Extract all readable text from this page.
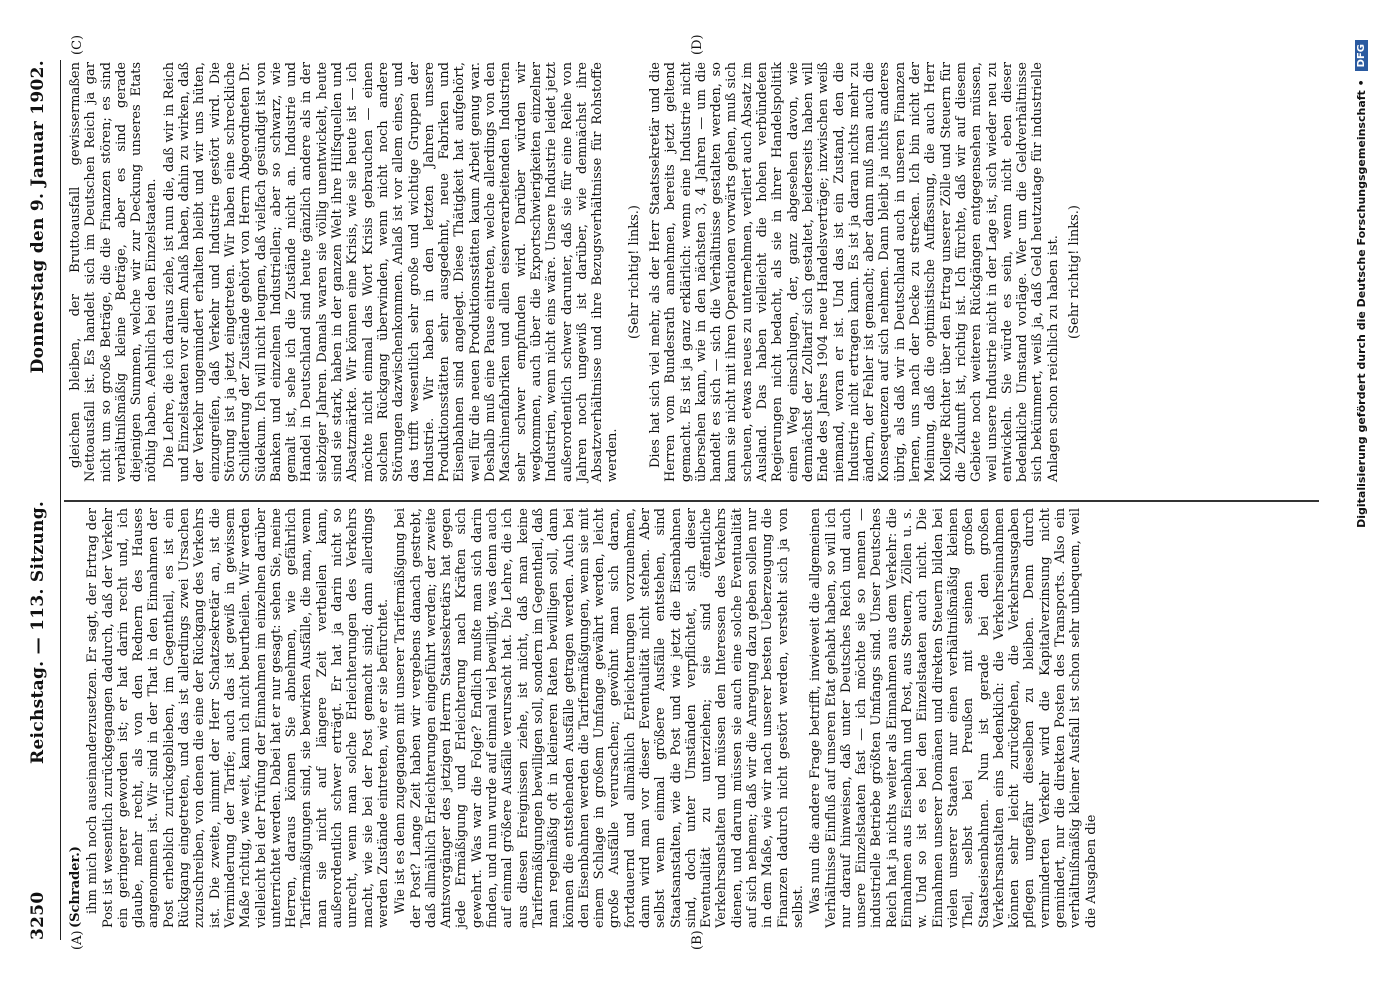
3250
Reichstag. — 113. Sitzung.
Donnerstag den 9. Januar 1902.
(A)	(B)
(C)	(D)

(Schrader.) ihm mich noch auseinanderzusetzen. Er sagt, der Ertrag der Post ist wesentlich zurückgegangen dadurch, daß der Verkehr ein geringerer geworden ist; er hat darin recht und, ich glaube, mehr recht, als von den Rednern des Hauses angenommen ist. Wir sind in der That in den Einnahmen der Post erheblich zurückgeblieben, im Gegentheil, es ist ein Rückgang eingetreten, und das ist allerdings zwei Ursachen zuzuschreiben, von denen die eine der Rückgang des Verkehrs ist. Die zweite, nimmt der Herr Schatzsekretär an, ist die Verminderung der Tarife; auch das ist gewiß in gewissem Maße richtig, wie weit, kann ich nicht beurtheilen. Wir werden vielleicht bei der Prüfung der Einnahmen im einzelnen darüber unterrichtet werden. Dabei hat er nur gesagt: sehen Sie, meine Herren, daraus können Sie abnehmen, wie gefährlich Tarifermäßigungen sind, sie bewirken Ausfälle, die man, wenn man sie nicht auf längere Zeit vertheilen kann, außerordentlich schwer erträgt. Er hat ja darin nicht so unrecht, wenn man solche Erleichterungen des Verkehrs macht, wie sie bei der Post gemacht sind; dann allerdings werden Zustände eintreten, wie er sie befürchtet. Wie ist es denn zugegangen mit unserer Tarifermäßigung bei der Post? Lange Zeit haben wir vergebens danach gestrebt, daß allmählich Erleichterungen eingeführt werden; der zweite Amtsvorgänger des jetzigen Herrn Staatssekretärs hat gegen jede Ermäßigung und Erleichterung nach Kräften sich gewehrt. Was war die Folge? Endlich mußte man sich darin finden, und nun wurde auf einmal viel bewilligt, was denn auch auf einmal größere Ausfälle verursacht hat. Die Lehre, die ich aus diesen Ereignissen ziehe, ist nicht, daß man keine Tarifermäßigungen bewilligen soll, sondern im Gegentheil, daß man regelmäßig oft in kleineren Raten bewilligen soll, dann können die entstehenden Ausfälle getragen werden. Auch bei den Eisenbahnen werden die Tarifermäßigungen, wenn sie mit einem Schlage in großem Umfange gewährt werden, leicht große Ausfälle verursachen; gewöhnt man sich daran, fortdauernd und allmählich Erleichterungen vorzunehmen, dann wird man vor dieser Eventualität nicht stehen. Aber selbst wenn einmal größere Ausfälle entstehen, sind Staatsanstalten, wie die Post und wie jetzt die Eisenbahnen sind, doch unter Umständen verpflichtet, sich dieser Eventualität zu unterziehen; sie sind öffentliche Verkehrsanstalten und müssen den Interessen des Verkehrs dienen, und darum müssen sie auch eine solche Eventualität auf sich nehmen; daß wir die Anregung dazu geben sollen nur in dem Maße, wie wir nach unserer besten Ueberzeugung die Finanzen dadurch nicht gestört werden, versteht sich ja von selbst. Was nun die andere Frage betrifft, inwieweit die allgemeinen Verhältnisse Einfluß auf unseren Etat gehabt haben, so will ich nur darauf hinweisen, daß unter Deutsches Reich und auch unsere Einzelstaaten fast — ich möchte sie so nennen — industrielle Betriebe größten Umfangs sind. Unser Deutsches Reich hat ja nichts weiter als Einnahmen aus dem Verkehr: die Einnahmen aus Eisenbahn und Post, aus Steuern, Zöllen u. s. w. Und so ist es bei den Einzelstaaten auch nicht. Die Einnahmen unserer Domänen und direkten Steuern bilden bei vielen unserer Staaten nur einen verhältnißmäßig kleinen Theil, selbst bei Preußen mit seinen großen Staatseisenbahnen. Nun ist gerade bei den großen Verkehrsanstalten eins bedenklich: die Verkehrseinnahmen können sehr leicht zurückgehen, die Verkehrsausgaben pflegen ungefähr dieselben zu bleiben. Denn durch verminderten Verkehr wird die Kapitalverzinsung nicht gemindert, nur die direkten Posten des Transports. Also ein verhältnißmäßig kleiner Ausfall ist schon sehr unbequem, weil die Ausgaben die

gleichen bleiben, der Bruttoausfall gewissermaßen Nettoausfall ist. Es handelt sich im Deutschen Reich ja gar nicht um so große Beträge, die die Finanzen stören; es sind verhältnißmäßig kleine Beträge, aber es sind gerade diejenigen Summen, welche wir zur Deckung unseres Etats nöthig haben. Aehnlich bei den Einzelstaaten. Die Lehre, die ich daraus ziehe, ist nun die, daß wir in Reich und Einzelstaaten vor allem Anlaß haben, dahin zu wirken, daß der Verkehr ungemindert erhalten bleibt und wir uns hüten, einzugreifen, daß Verkehr und Industrie gestört wird. Die Störung ist ja jetzt eingetreten. Wir haben eine schreckliche Schilderung der Zustände gehört von Herrn Abgeordneten Dr. Südekum. Ich will nicht leugnen, daß vielfach gesündigt ist von Banken und einzelnen Industriellen; aber so schwarz, wie gemalt ist, sehe ich die Zustände nicht an. Industrie und Handel in Deutschland sind heute gänzlich andere als in der siebziger Jahren. Damals waren sie völlig unentwickelt, heute sind sie stark, haben in der ganzen Welt ihre Hilfsquellen und Absatzmärkte. Wir können eine Krisis, wie sie heute ist — ich möchte nicht einmal das Wort Krisis gebrauchen — einen solchen Rückgang überwinden, wenn nicht noch andere Störungen dazwischenkommen. Anlaß ist vor allem eines, und das trifft wesentlich sehr große und wichtige Gruppen der Industrie. Wir haben in den letzten Jahren unsere Produktionsstätten sehr ausgedehnt, neue Fabriken und Eisenbahnen sind angelegt. Diese Thätigkeit hat aufgehört, weil für die neuen Produktionsstätten kaum Arbeit genug war. Deshalb muß eine Pause eintreten, welche allerdings von den Maschinenfabriken und allen eisenverarbeitenden Industrien sehr schwer empfunden wird. Darüber würden wir wegkommen, auch über die Exportschwierigkeiten einzelner Industrien, wenn nicht eins wäre. Unsere Industrie leidet jetzt außerordentlich schwer darunter, daß sie für eine Reihe von Jahren noch ungewiß ist darüber, wie demnächst ihre Absatzverhältnisse und ihre Bezugsverhältnisse für Rohstoffe werden.

(Sehr richtig! links.) Dies hat sich viel mehr, als der Herr Staatssekretär und die Herren vom Bundesrath annehmen, bereits jetzt geltend gemacht. Es ist ja ganz erklärlich: wenn eine Industrie nicht übersehen kann, wie in den nächsten 3, 4 Jahren — um die handelt es sich — sich die Verhältnisse gestalten werden, so kann sie nicht mit ihren Operationen vorwärts gehen, muß sich scheuen, etwas neues zu unternehmen, verliert auch Absatz im Ausland. Das haben vielleicht die hohen verbündeten Regierungen nicht bedacht, als sie in ihrer Handelspolitik einen Weg einschlugen, der, ganz abgesehen davon, wie demnächst der Zolltarif sich gestaltet, beiderseits haben will Ende des Jahres 1904 neue Handelsverträge; inzwischen weiß niemand, woran er ist. Und das ist ein Zustand, den die Industrie nicht ertragen kann. Es ist ja daran nichts mehr zu ändern, der Fehler ist gemacht; aber dann muß man auch die Konsequenzen auf sich nehmen. Dann bleibt ja nichts anderes übrig, als daß wir in Deutschland auch in unseren Finanzen lernen, uns nach der Decke zu strecken. Ich bin nicht der Meinung, daß die optimistische Auffassung, die auch Herr Kollege Richter über den Ertrag unserer Zölle und Steuern für die Zukunft ist, richtig ist. Ich fürchte, daß wir auf diesem Gebiete noch weiteren Rückgängen entgegensehen müssen, weil unsere Industrie nicht in der Lage ist, sich wieder neu zu entwickeln. Sie würde es sein, wenn nicht eben dieser bedenkliche Umstand vorläge. Wer um die Geldverhältnisse sich bekümmert, weiß ja, daß Geld heutzutage für industrielle Anlagen schon reichlich zu haben ist. (Sehr richtig! links.)	Digitalisierung gefördert durch die Deutsche Forschungsgemeinschaft •
DFG
